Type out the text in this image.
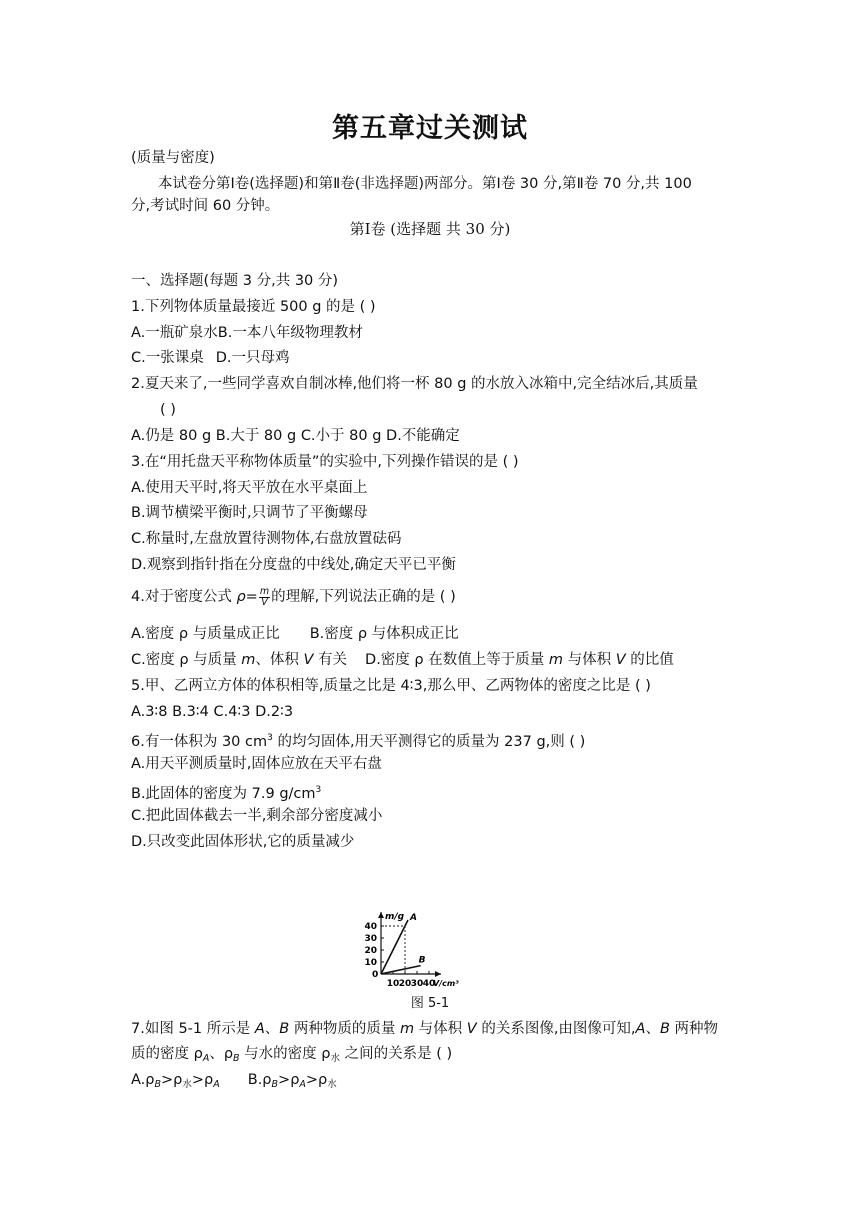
第五章过关测试
(质量与密度)
本试卷分第Ⅰ卷(选择题)和第Ⅱ卷(非选择题)两部分。第Ⅰ卷 30 分,第Ⅱ卷 70 分,共 100
分,考试时间 60 分钟。
第Ⅰ卷 (选择题 共 30 分)
一、选择题(每题 3 分,共 30 分)
1.下列物体质量最接近 500 g 的是 ( )
A.一瓶矿泉水B.一本八年级物理教材
C.一张课桌 D.一只母鸡
2.夏天来了,一些同学喜欢自制冰棒,他们将一杯 80 g 的水放入冰箱中,完全结冰后,其质量
( )
A.仍是 80 g B.大于 80 g C.小于 80 g D.不能确定
3.在“用托盘天平称物体质量”的实验中,下列操作错误的是 ( )
A.使用天平时,将天平放在水平桌面上
B.调节横梁平衡时,只调节了平衡螺母
C.称量时,左盘放置待测物体,右盘放置砝码
D.观察到指针指在分度盘的中线处,确定天平已平衡
4.对于密度公式 $\rho= \frac{m}{V}$ 的理解,下列说法正确的是 ( )
A.密度 ρ 与质量成正比 B.密度 ρ 与体积成正比
C.密度 ρ 与质量 m、体积 V 有关 D.密度 ρ 在数值上等于质量 m 与体积 V 的比值
5.甲、乙两立方体的体积相等,质量之比是 4∶3,那么甲、乙两物体的密度之比是 ( )
A.3∶8 B.3∶4 C.4∶3 D.2∶3
6.有一体积为 30 $cm^3$ 的均匀固体,用天平测得它的质量为 237 g,则 ( )
A.用天平测质量时,固体应放在天平右盘
B.此固体的密度为 7.9 $g/cm^3$
C.把此固体截去一半,剩余部分密度减小
D.只改变此固体形状,它的质量减少
m/g
V/cm³
0
10
20
30
40
10 20 30 40
A
B
图 5-1
7.如图 5-1 所示是 A、B 两种物质的质量 m 与体积 V 的关系图像,由图像可知,A、B 两种物
质的密度 $\rho_A$、$\rho_B$ 与水的密度 $\rho_水$ 之间的关系是 ( )
$A.\rho_B>\rho_水>\rho_A$ $B.\rho_B>\rho_A>\rho_水$
